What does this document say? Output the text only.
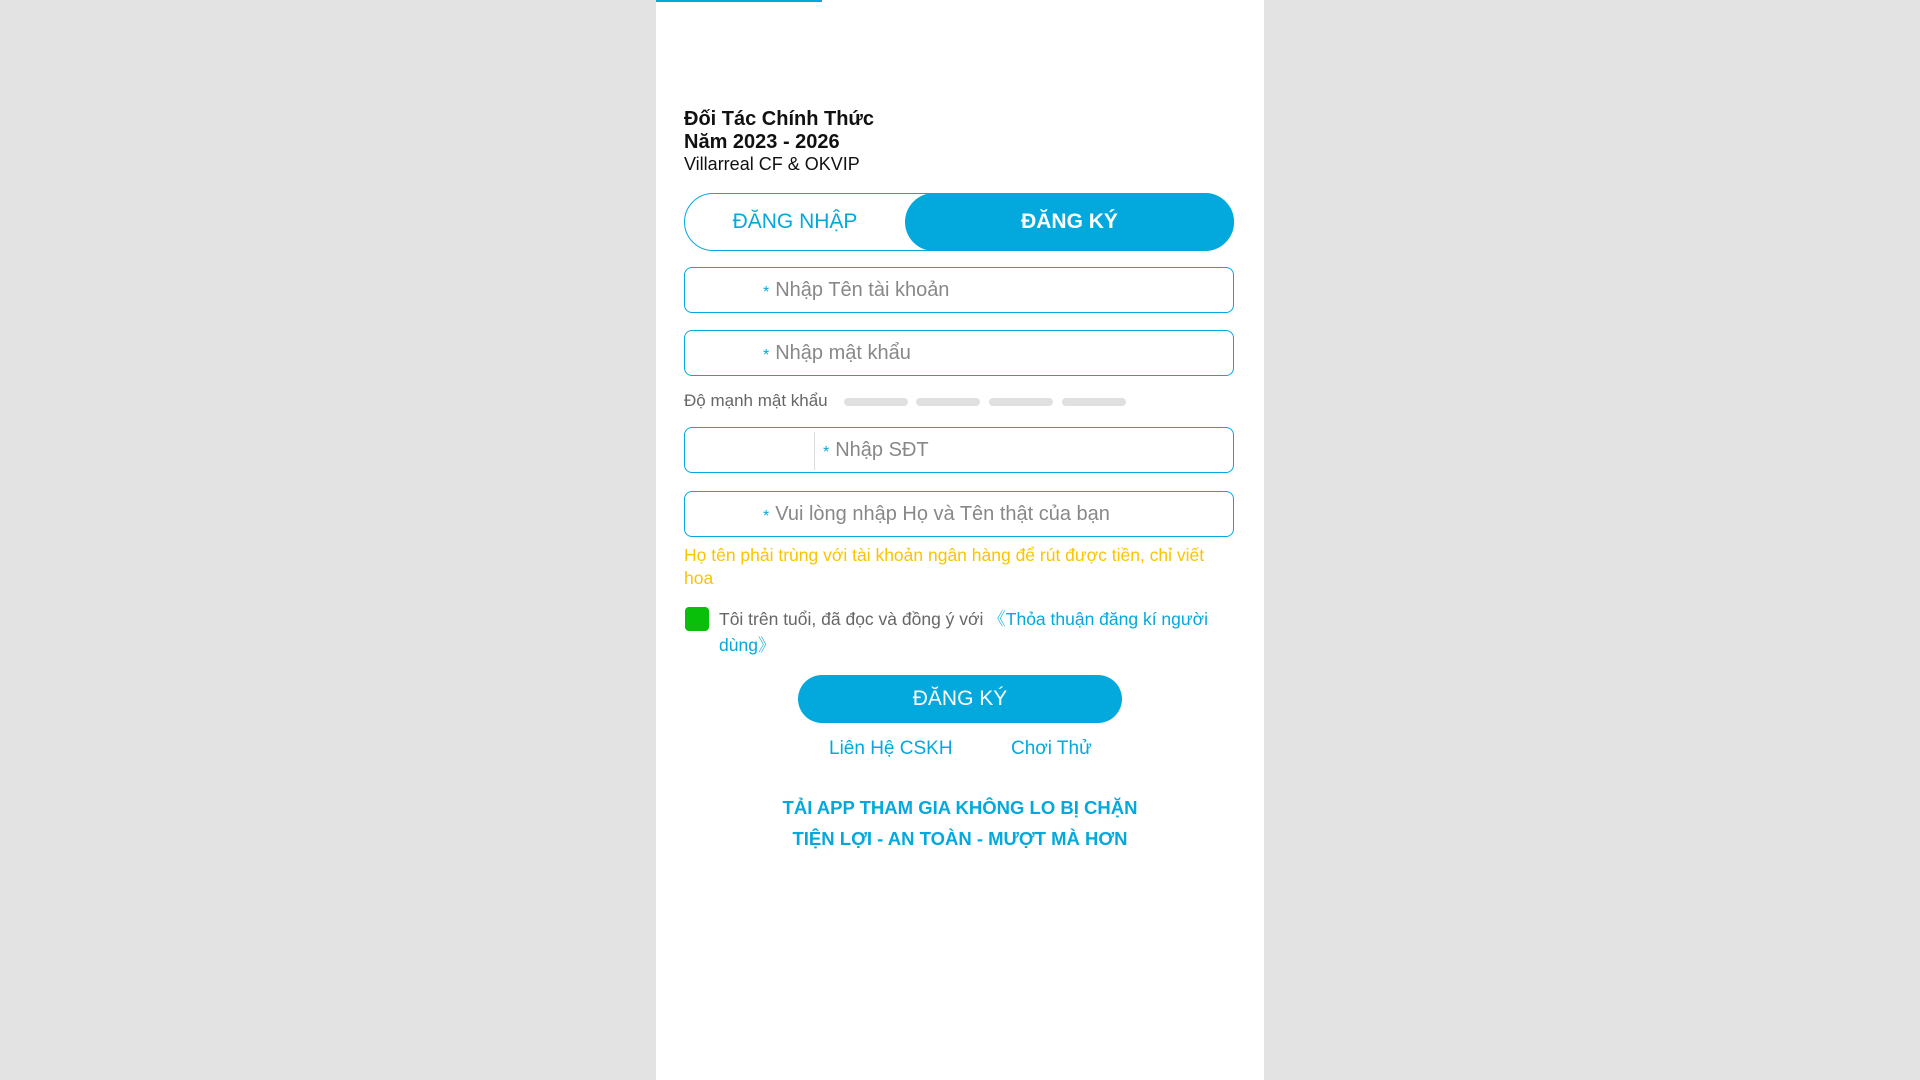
Đối Tác Chính Thức
Năm 2023 - 2026
Villarreal CF & OKVIP
ĐĂNG NHẬP	ĐĂNG KÝ
* Nhập Tên tài khoản
* Nhập mật khẩu
Độ mạnh mật khẩu
* Nhập SĐT
* Vui lòng nhập Họ và Tên thật của bạn
Họ tên phải trùng với tài khoản ngân hàng để rút được tiền, chỉ viết hoa
Tôi trên tuổi, đã đọc và đồng ý với 《Thỏa thuận đăng kí người dùng》
ĐĂNG KÝ
Liên Hệ CSKH	Chơi Thử
TẢI APP THAM GIA KHÔNG LO BỊ CHẶN
TIỆN LỢI - AN TOÀN - MƯỢT MÀ HƠN
